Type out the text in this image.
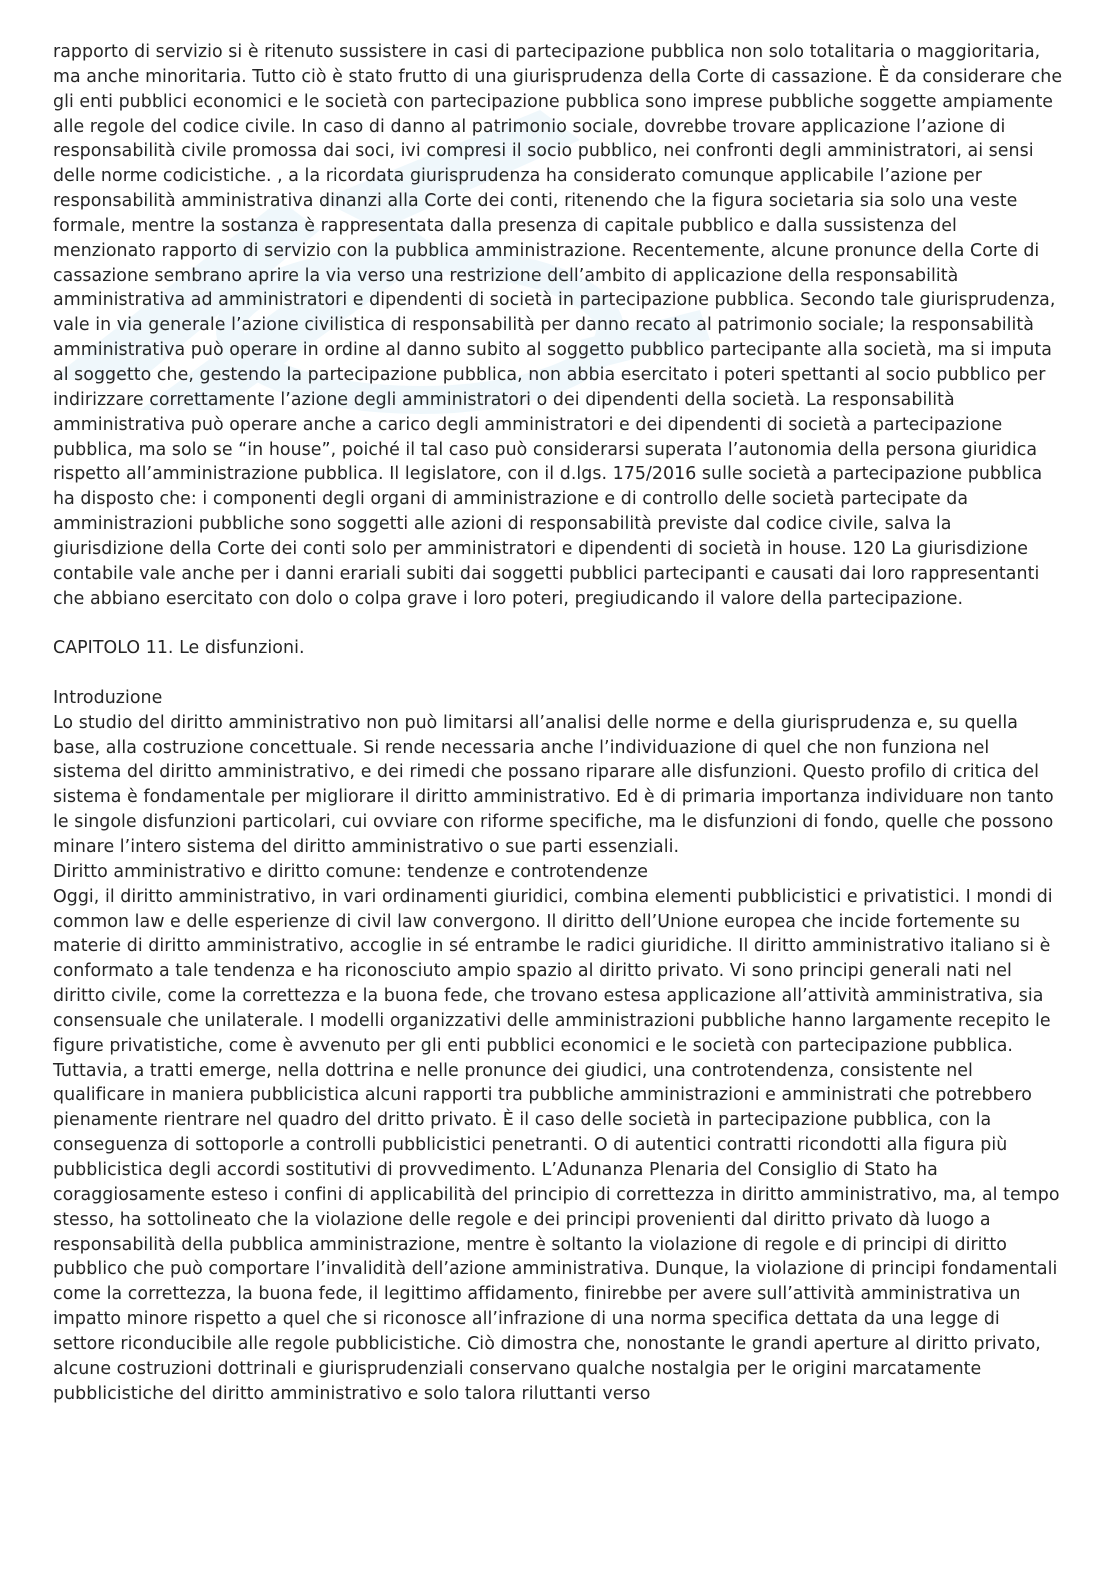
rapporto di servizio si è ritenuto sussistere in casi di partecipazione pubblica non solo totalitaria o maggioritaria, ma anche minoritaria. Tutto ciò è stato frutto di una giurisprudenza della Corte di cassazione. È da considerare che gli enti pubblici economici e le società con partecipazione pubblica sono imprese pubbliche soggette ampiamente alle regole del codice civile. In caso di danno al patrimonio sociale, dovrebbe trovare applicazione l’azione di responsabilità civile promossa dai soci, ivi compresi il socio pubblico, nei confronti degli amministratori, ai sensi delle norme codicistiche. , a la ricordata giurisprudenza ha considerato comunque applicabile l’azione per responsabilità amministrativa dinanzi alla Corte dei conti, ritenendo che la figura societaria sia solo una veste formale, mentre la sostanza è rappresentata dalla presenza di capitale pubblico e dalla sussistenza del menzionato rapporto di servizio con la pubblica amministrazione. Recentemente, alcune pronunce della Corte di cassazione sembrano aprire la via verso una restrizione dell’ambito di applicazione della responsabilità amministrativa ad amministratori e dipendenti di società in partecipazione pubblica. Secondo tale giurisprudenza, vale in via generale l’azione civilistica di responsabilità per danno recato al patrimonio sociale; la responsabilità amministrativa può operare in ordine al danno subito al soggetto pubblico partecipante alla società, ma si imputa al soggetto che, gestendo la partecipazione pubblica, non abbia esercitato i poteri spettanti al socio pubblico per indirizzare correttamente l’azione degli amministratori o dei dipendenti della società. La responsabilità amministrativa può operare anche a carico degli amministratori e dei dipendenti di società a partecipazione pubblica, ma solo se “in house”, poiché il tal caso può considerarsi superata l’autonomia della persona giuridica rispetto all’amministrazione pubblica. Il legislatore, con il d.lgs. 175/2016 sulle società a partecipazione pubblica ha disposto che: i componenti degli organi di amministrazione e di controllo delle società partecipate da amministrazioni pubbliche sono soggetti alle azioni di responsabilità previste dal codice civile, salva la giurisdizione della Corte dei conti solo per amministratori e dipendenti di società in house. 120 La giurisdizione contabile vale anche per i danni erariali subiti dai soggetti pubblici partecipanti e causati dai loro rappresentanti che abbiano esercitato con dolo o colpa grave i loro poteri, pregiudicando il valore della partecipazione.

CAPITOLO 11. Le disfunzioni.

Introduzione

Lo studio del diritto amministrativo non può limitarsi all’analisi delle norme e della giurisprudenza e, su quella base, alla costruzione concettuale. Si rende necessaria anche l’individuazione di quel che non funziona nel sistema del diritto amministrativo, e dei rimedi che possano riparare alle disfunzioni. Questo profilo di critica del sistema è fondamentale per migliorare il diritto amministrativo. Ed è di primaria importanza individuare non tanto le singole disfunzioni particolari, cui ovviare con riforme specifiche, ma le disfunzioni di fondo, quelle che possono minare l’intero sistema del diritto amministrativo o sue parti essenziali.

Diritto amministrativo e diritto comune: tendenze e controtendenze

Oggi, il diritto amministrativo, in vari ordinamenti giuridici, combina elementi pubblicistici e privatistici. I mondi di common law e delle esperienze di civil law convergono. Il diritto dell’Unione europea che incide fortemente su materie di diritto amministrativo, accoglie in sé entrambe le radici giuridiche. Il diritto amministrativo italiano si è conformato a tale tendenza e ha riconosciuto ampio spazio al diritto privato. Vi sono principi generali nati nel diritto civile, come la correttezza e la buona fede, che trovano estesa applicazione all’attività amministrativa, sia consensuale che unilaterale. I modelli organizzativi delle amministrazioni pubbliche hanno largamente recepito le figure privatistiche, come è avvenuto per gli enti pubblici economici e le società con partecipazione pubblica. Tuttavia, a tratti emerge, nella dottrina e nelle pronunce dei giudici, una controtendenza, consistente nel qualificare in maniera pubblicistica alcuni rapporti tra pubbliche amministrazioni e amministrati che potrebbero pienamente rientrare nel quadro del dritto privato. È il caso delle società in partecipazione pubblica, con la conseguenza di sottoporle a controlli pubblicistici penetranti. O di autentici contratti ricondotti alla figura più pubblicistica degli accordi sostitutivi di provvedimento. L’Adunanza Plenaria del Consiglio di Stato ha coraggiosamente esteso i confini di applicabilità del principio di correttezza in diritto amministrativo, ma, al tempo stesso, ha sottolineato che la violazione delle regole e dei principi provenienti dal diritto privato dà luogo a responsabilità della pubblica amministrazione, mentre è soltanto la violazione di regole e di principi di diritto pubblico che può comportare l’invalidità dell’azione amministrativa. Dunque, la violazione di principi fondamentali come la correttezza, la buona fede, il legittimo affidamento, finirebbe per avere sull’attività amministrativa un impatto minore rispetto a quel che si riconosce all’infrazione di una norma specifica dettata da una legge di settore riconducibile alle regole pubblicistiche. Ciò dimostra che, nonostante le grandi aperture al diritto privato, alcune costruzioni dottrinali e giurisprudenziali conservano qualche nostalgia per le origini marcatamente pubblicistiche del diritto amministrativo e solo talora riluttanti verso
